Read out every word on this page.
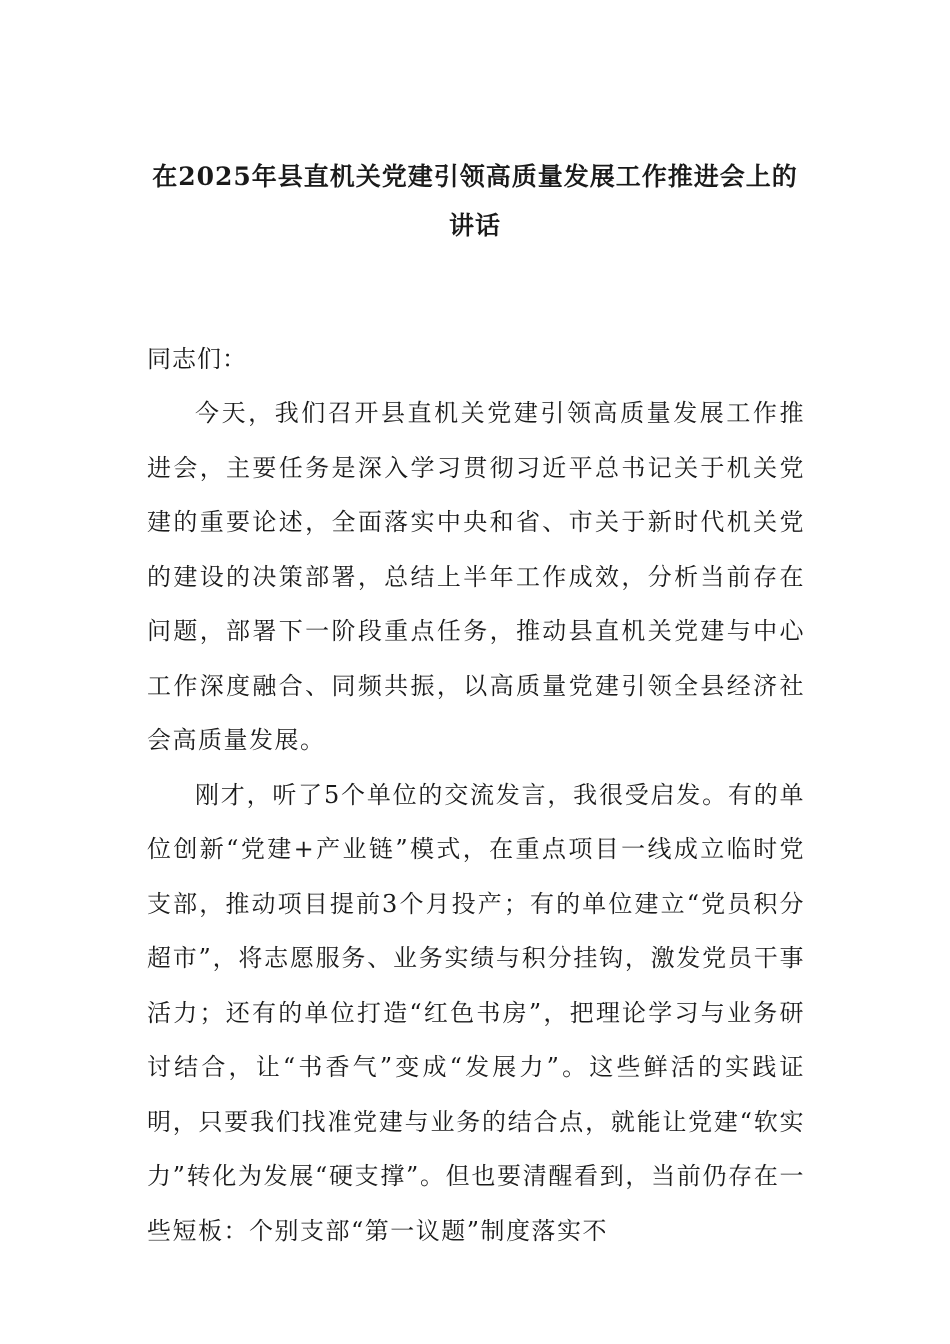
在2025年县直机关党建引领高质量发展工作推进会上的讲话

同志们：

今天，我们召开县直机关党建引领高质量发展工作推进会，主要任务是深入学习贯彻习近平总书记关于机关党建的重要论述，全面落实中央和省、市关于新时代机关党的建设的决策部署，总结上半年工作成效，分析当前存在问题，部署下一阶段重点任务，推动县直机关党建与中心工作深度融合、同频共振，以高质量党建引领全县经济社会高质量发展。

刚才，听了5个单位的交流发言，我很受启发。有的单位创新“党建+产业链”模式，在重点项目一线成立临时党支部，推动项目提前3个月投产；有的单位建立“党员积分超市”，将志愿服务、业务实绩与积分挂钩，激发党员干事活力；还有的单位打造“红色书房”，把理论学习与业务研讨结合，让“书香气”变成“发展力”。这些鲜活的实践证明，只要我们找准党建与业务的结合点，就能让党建“软实力”转化为发展“硬支撑”。但也要清醒看到，当前仍存在一些短板：个别支部“第一议题”制度落实不
